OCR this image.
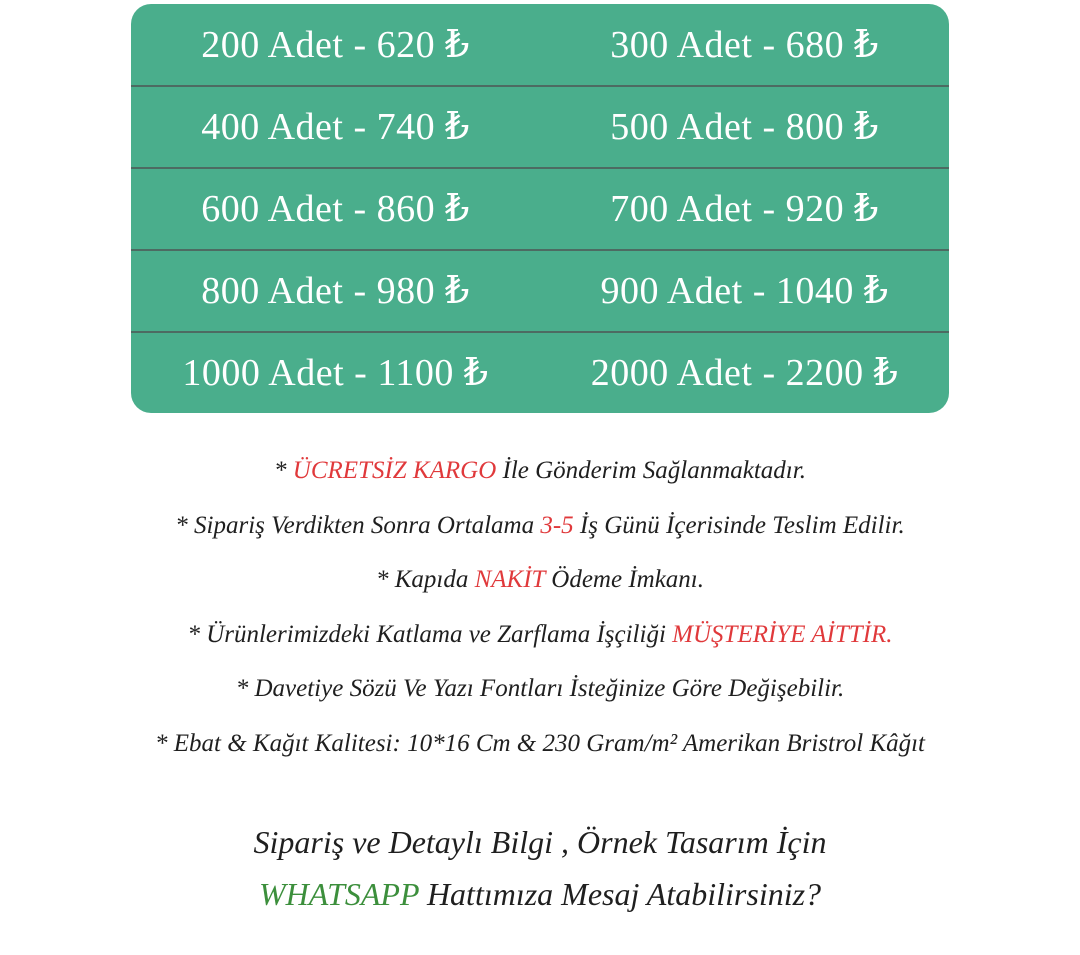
200 Adet - 620 ₺	300 Adet - 680 ₺
400 Adet - 740 ₺	500 Adet - 800 ₺
600 Adet - 860 ₺	700 Adet - 920 ₺
800 Adet - 980 ₺	900 Adet - 1040 ₺
1000 Adet - 1100 ₺	2000 Adet - 2200 ₺
* ÜCRETSİZ KARGO İle Gönderim Sağlanmaktadır.
* Sipariş Verdikten Sonra Ortalama 3-5 İş Günü İçerisinde Teslim Edilir.
* Kapıda NAKİT Ödeme İmkanı.
* Ürünlerimizdeki Katlama ve Zarflama İşçiliği MÜŞTERİYE AİTTİR.
* Davetiye Sözü Ve Yazı Fontları İsteğinize Göre Değişebilir.
* Ebat & Kağıt Kalitesi: 10*16 Cm & 230 Gram/m² Amerikan Bristrol Kâğıt
Sipariş ve Detaylı Bilgi , Örnek Tasarım İçin
WHATSAPP Hattımıza Mesaj Atabilirsiniz?
